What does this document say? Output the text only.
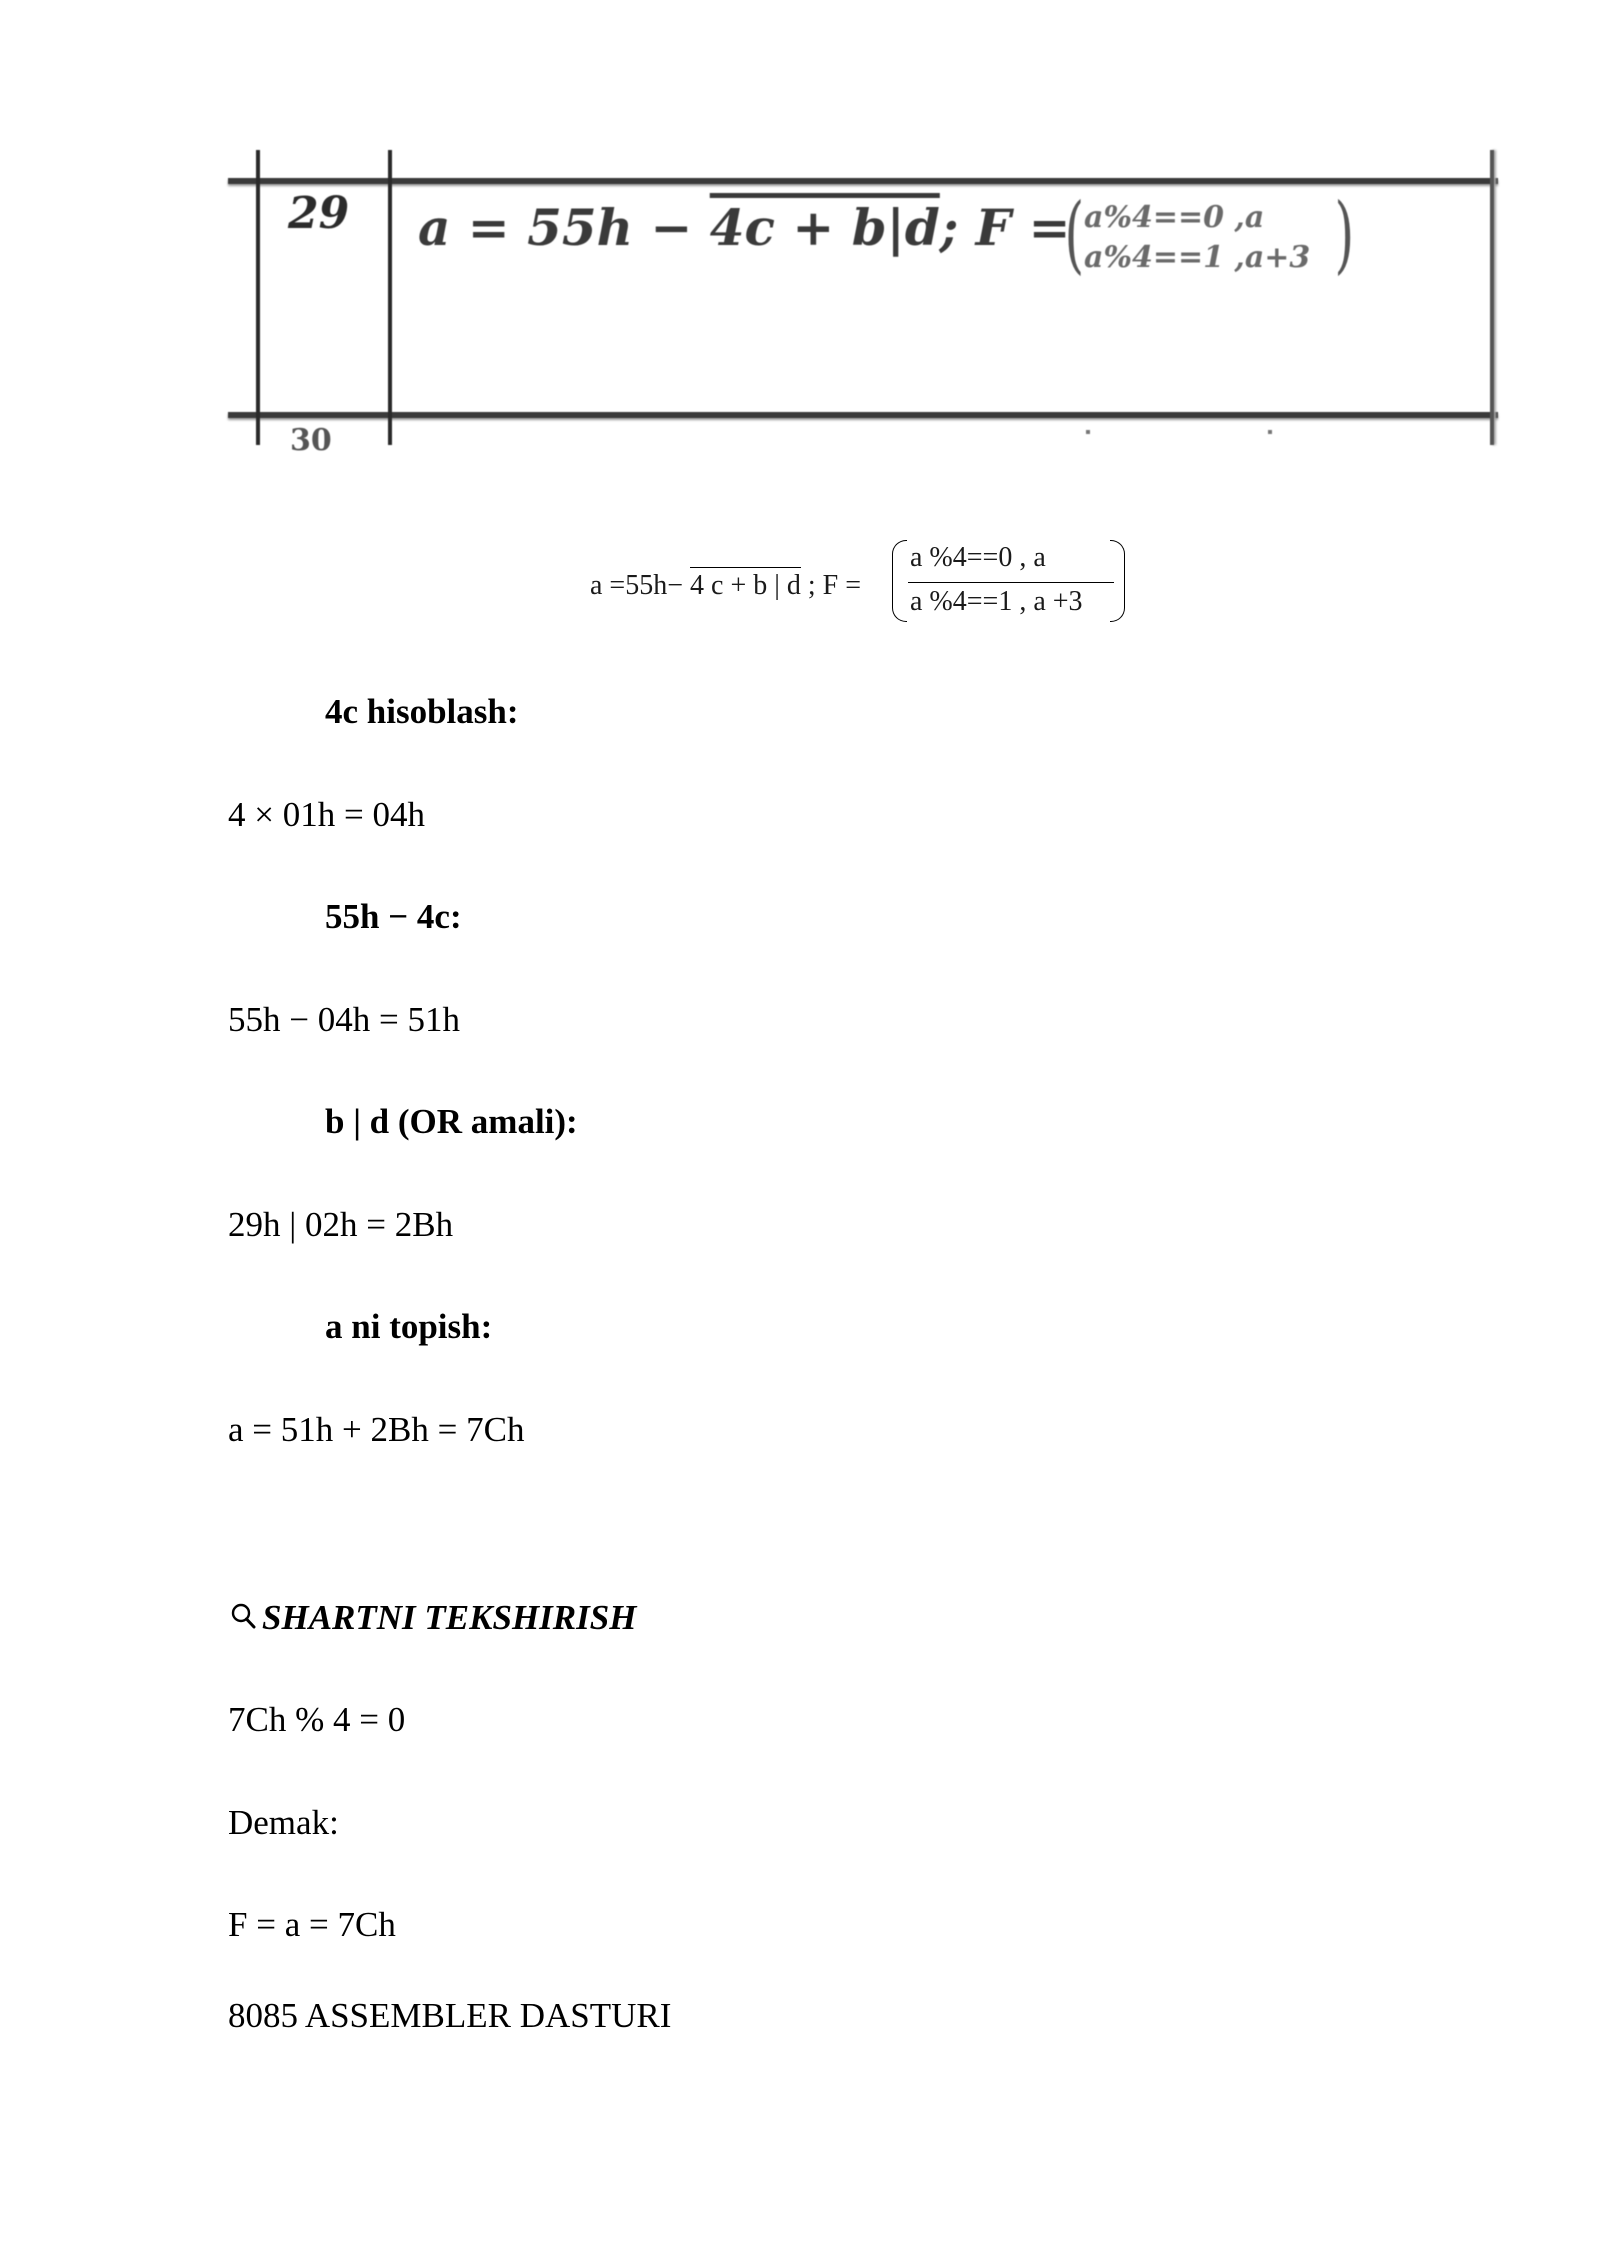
29 a = 55h − 4c + b|d; F =
( a%4==0 ,a
a%4==1 ,a+3 )
30
a =55h− 4 c + b | d ; F =
a %4==0 , a
a %4==1 , a +3
4c hisoblash:
4 × 01h = 04h
55h − 4c:
55h − 04h = 51h
b | d (OR amali):
29h | 02h = 2Bh
a ni topish:
a = 51h + 2Bh = 7Ch
SHARTNI TEKSHIRISH
7Ch % 4 = 0
Demak:
F = a = 7Ch
8085 ASSEMBLER DASTURI
